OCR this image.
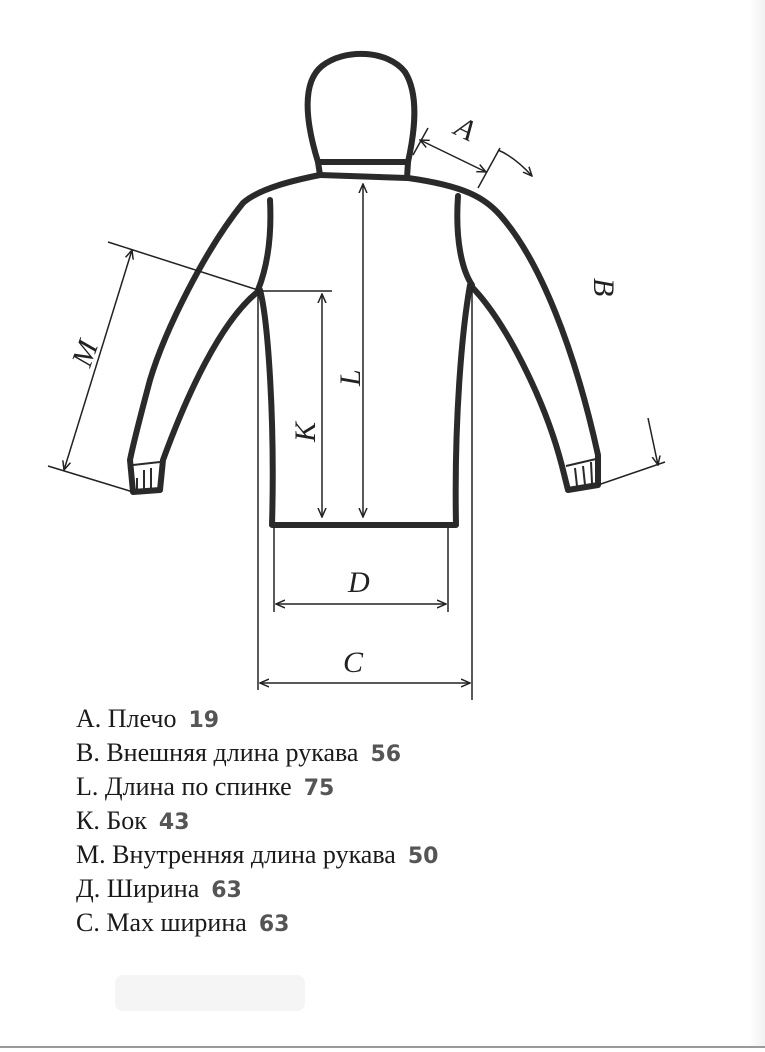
A
B
M
L
K
D
C
А. Плечо 19
В. Внешняя длина рукава 56
L. Длина по спинке 75
К. Бок 43
М. Внутренняя длина рукава 50
Д. Ширина 63
С. Мах ширина 63
